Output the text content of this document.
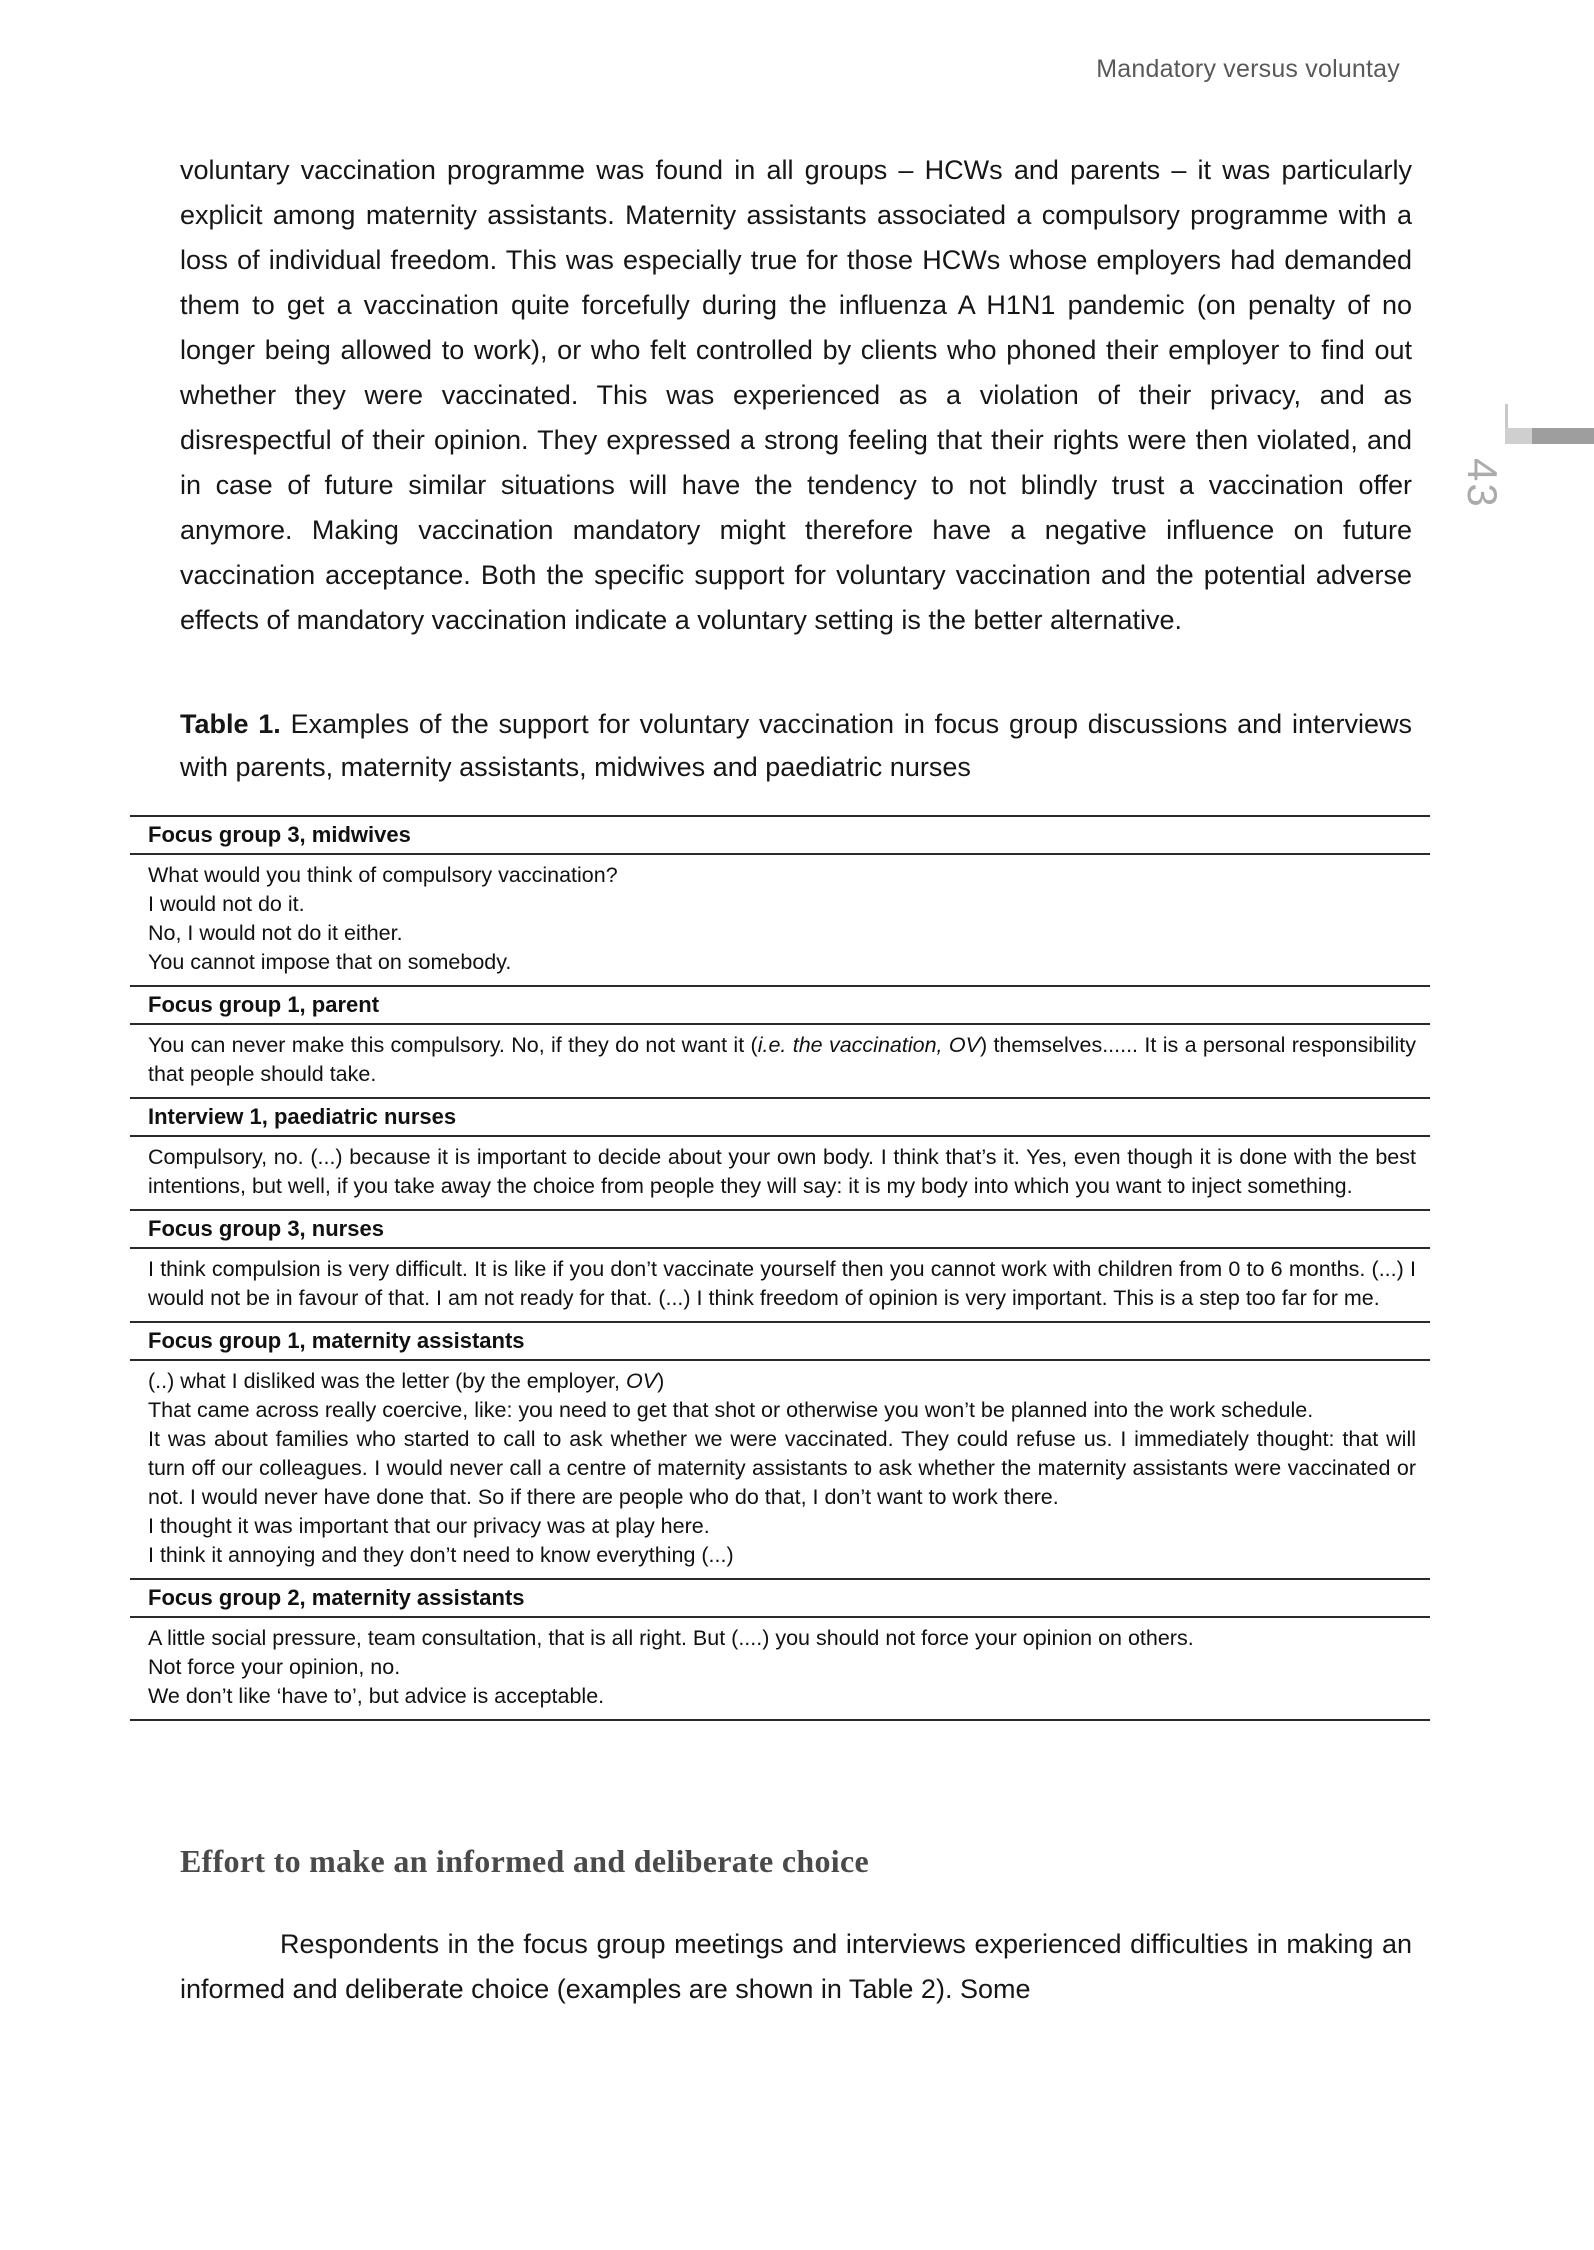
Mandatory versus voluntay
43

voluntary vaccination programme was found in all groups – HCWs and parents – it was particularly explicit among maternity assistants. Maternity assistants associated a compulsory programme with a loss of individual freedom. This was especially true for those HCWs whose employers had demanded them to get a vaccination quite forcefully during the influenza A H1N1 pandemic (on penalty of no longer being allowed to work), or who felt controlled by clients who phoned their employer to find out whether they were vaccinated. This was experienced as a violation of their privacy, and as disrespectful of their opinion. They expressed a strong feeling that their rights were then violated, and in case of future similar situations will have the tendency to not blindly trust a vaccination offer anymore. Making vaccination mandatory might therefore have a negative influence on future vaccination acceptance. Both the specific support for voluntary vaccination and the potential adverse effects of mandatory vaccination indicate a voluntary setting is the better alternative.

Table 1. Examples of the support for voluntary vaccination in focus group discussions and interviews with parents, maternity assistants, midwives and paediatric nurses

Focus group 3, midwives

What would you think of compulsory vaccination?

I would not do it.

No, I would not do it either.

You cannot impose that on somebody.

Focus group 1, parent

You can never make this compulsory. No, if they do not want it (i.e. the vaccination, OV) themselves...... It is a personal responsibility that people should take.

Interview 1, paediatric nurses

Compulsory, no. (...) because it is important to decide about your own body. I think that’s it. Yes, even though it is done with the best intentions, but well, if you take away the choice from people they will say: it is my body into which you want to inject something.

Focus group 3, nurses

I think compulsion is very difficult. It is like if you don’t vaccinate yourself then you cannot work with children from 0 to 6 months. (...) I would not be in favour of that. I am not ready for that. (...) I think freedom of opinion is very important. This is a step too far for me.

Focus group 1, maternity assistants

(..) what I disliked was the letter (by the employer, OV)

That came across really coercive, like: you need to get that shot or otherwise you won’t be planned into the work schedule.

It was about families who started to call to ask whether we were vaccinated. They could refuse us. I immediately thought: that will turn off our colleagues. I would never call a centre of maternity assistants to ask whether the maternity assistants were vaccinated or not. I would never have done that. So if there are people who do that, I don’t want to work there.

I thought it was important that our privacy was at play here.

I think it annoying and they don’t need to know everything (...)

Focus group 2, maternity assistants

A little social pressure, team consultation, that is all right. But (....) you should not force your opinion on others.

Not force your opinion, no.

We don’t like ‘have to’, but advice is acceptable.

Effort to make an informed and deliberate choice

Respondents in the focus group meetings and interviews experienced difficulties in making an informed and deliberate choice (examples are shown in Table 2). Some
